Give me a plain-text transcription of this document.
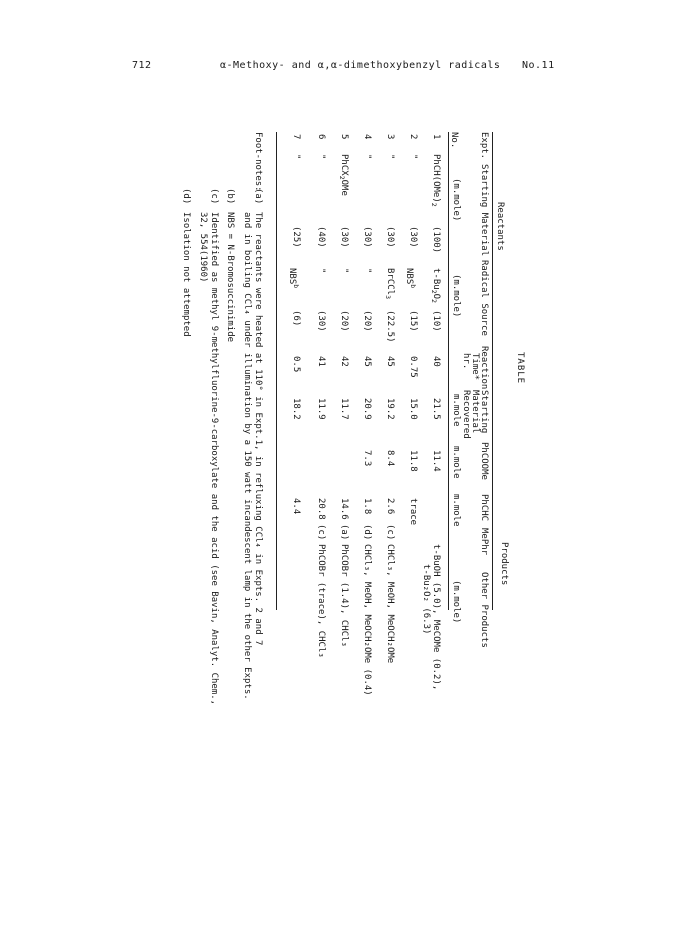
712	α-Methoxy- and α,α-dimethoxybenzyl radicals No.11
TABLE
Reactants
Products
Expt.
Starting Material
Radical Source
Reaction
Starting
PhCOOMe
PhCHC
MePhr
Other Products
Time*
Material
hr.
Recovered
No.
(m.mole)
(m.mole)
m.mole
m.mole
m.mole
(m.mole)
1
$PhCH(OMe)_2$
(100)
$t-Bu_2O_2$
(10)
40
21.5
11.4
t-BuOH (5.0), MeCOMe (0.2),
t-Bu₂O₂ (6.3)
2
"
(30)
NBS$^b$
(15)
0.75
15.0
11.8
trace
3
"
(30)
BrCCl$_3$
(22.5)
45
19.2
8.4
2.6
(c)
CHCl₃, MeOH, MeOCH₂OMe
4
"
(30)
"
(20)
45
20.9
7.3
1.8
(d)
CHCl₃, MeOH, MeOCH₂OMe (0.4)
5
PhCX$_2$OMe
(30)
"
(20)
42
11.7
14.6
(a)
PhCOBr (1.4), CHCl₃
6
"
(40)
"
(30)
41
11.9
20.8
(c)
PhCOBr (trace), CHCl₃
7
"
(25)
NBS$^b$
(6)
0.5
18.2
4.4
Foot-notes:
(a)
The reactants were heated at 110° in Expt.1, in refluxing CCl₄ in Expts. 2 and 7
and in boiling CCl₄ under illumination by a 150 watt incandescent lamp in the other Expts.
(b)
NBS = N-Bromosuccinimide
(c)
Identified as methyl 9-methylfluorine-9-carboxylate and the acid (see Bavin, Analyt. Chem.,
32, 554(1960)
(d)
Isolation not attempted
